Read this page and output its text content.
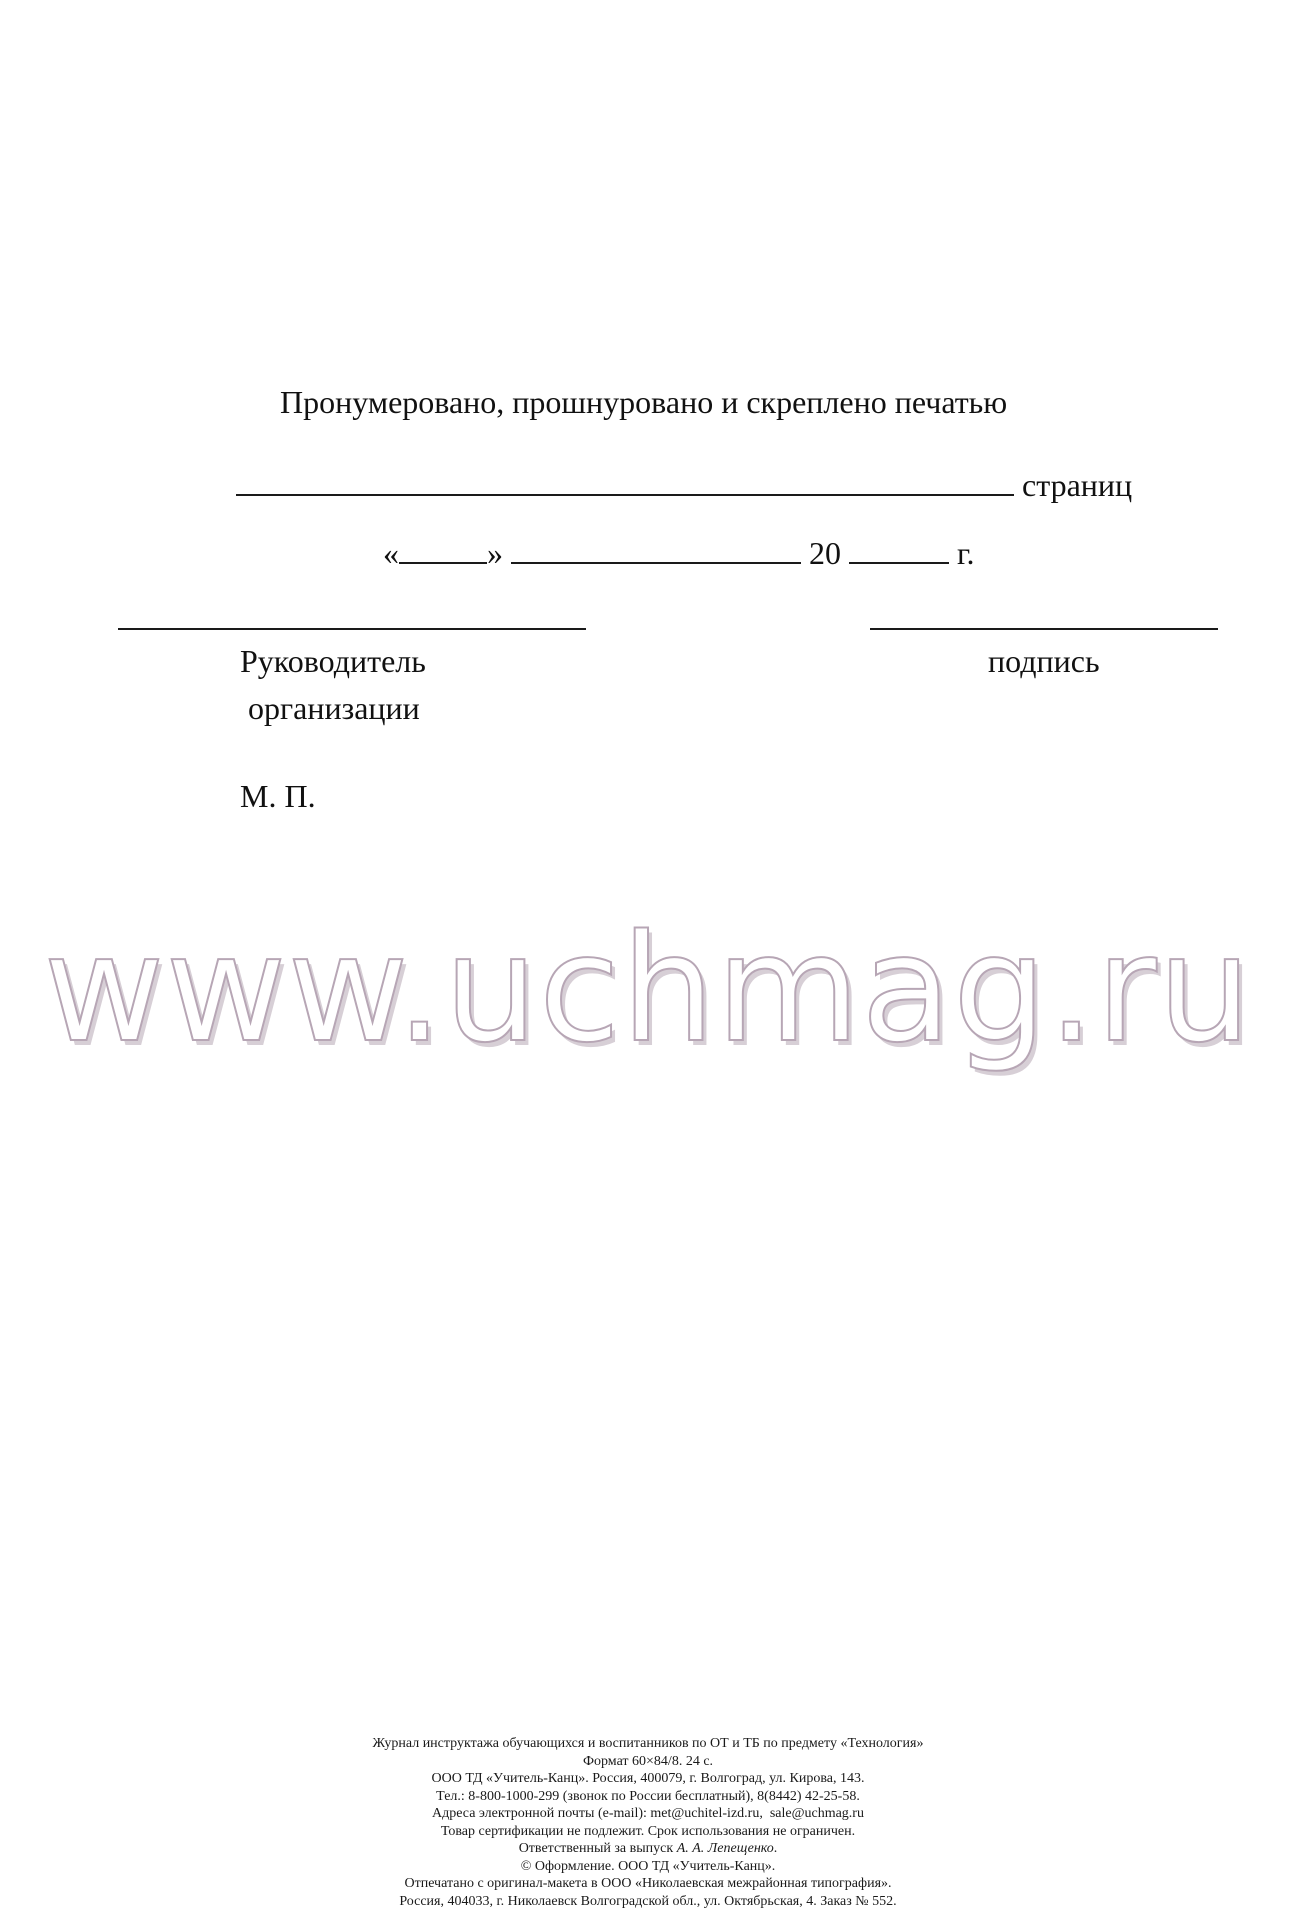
Пронумеровано, прошнуровано и скреплено печатью

страниц

«	»	20	г.

Руководитель
организации
подпись
М. П.
www.uchmag.ru
Журнал инструктажа обучающихся и воспитанников по ОТ и ТБ по предмету «Технология»
Формат 60×84/8. 24 с.
ООО ТД «Учитель-Канц». Россия, 400079, г. Волгоград, ул. Кирова, 143.
Тел.: 8-800-1000-299 (звонок по России бесплатный), 8(8442) 42-25-58.
Адреса электронной почты (e-mail): met@uchitel-izd.ru,  sale@uchmag.ru
Товар сертификации не подлежит. Срок использования не ограничен.
Ответственный за выпуск А. А. Лепещенко.
© Оформление. ООО ТД «Учитель-Канц».
Отпечатано с оригинал-макета в ООО «Николаевская межрайонная типография».
Россия, 404033, г. Николаевск Волгоградской обл., ул. Октябрьская, 4. Заказ № 552.
